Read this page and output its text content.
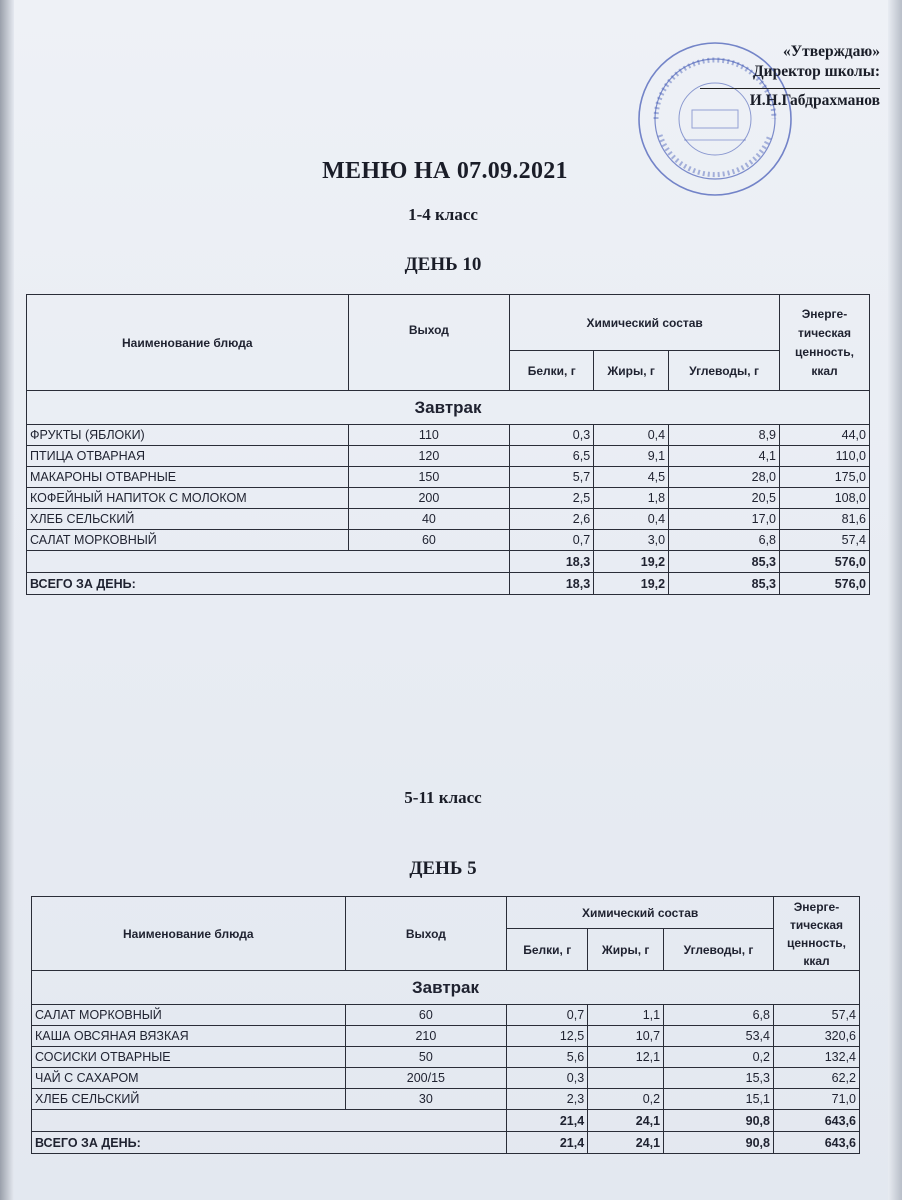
«Утверждаю»
Директор школы:
И.Н.Габдрахманов
МЕНЮ НА 07.09.2021
1-4 класс
ДЕНЬ 10
Наименование блюда	Выход	Химический состав			Энерге-тическая ценность, ккал
		Белки, г	Жиры, г	Углеводы, г	
Завтрак					
ФРУКТЫ (ЯБЛОКИ)	110	0,3	0,4	8,9	44,0
ПТИЦА ОТВАРНАЯ	120	6,5	9,1	4,1	110,0
МАКАРОНЫ ОТВАРНЫЕ	150	5,7	4,5	28,0	175,0
КОФЕЙНЫЙ НАПИТОК С МОЛОКОМ	200	2,5	1,8	20,5	108,0
ХЛЕБ СЕЛЬСКИЙ	40	2,6	0,4	17,0	81,6
САЛАТ МОРКОВНЫЙ	60	0,7	3,0	6,8	57,4
		18,3	19,2	85,3	576,0
ВСЕГО ЗА ДЕНЬ:		18,3	19,2	85,3	576,0
5-11 класс
ДЕНЬ 5
Наименование блюда	Выход	Химический состав			Энерге-тическая ценность, ккал
		Белки, г	Жиры, г	Углеводы, г	
Завтрак					
САЛАТ МОРКОВНЫЙ	60	0,7	1,1	6,8	57,4
КАША ОВСЯНАЯ ВЯЗКАЯ	210	12,5	10,7	53,4	320,6
СОСИСКИ ОТВАРНЫЕ	50	5,6	12,1	0,2	132,4
ЧАЙ С САХАРОМ	200/15	0,3		15,3	62,2
ХЛЕБ СЕЛЬСКИЙ	30	2,3	0,2	15,1	71,0
		21,4	24,1	90,8	643,6
ВСЕГО ЗА ДЕНЬ:		21,4	24,1	90,8	643,6
